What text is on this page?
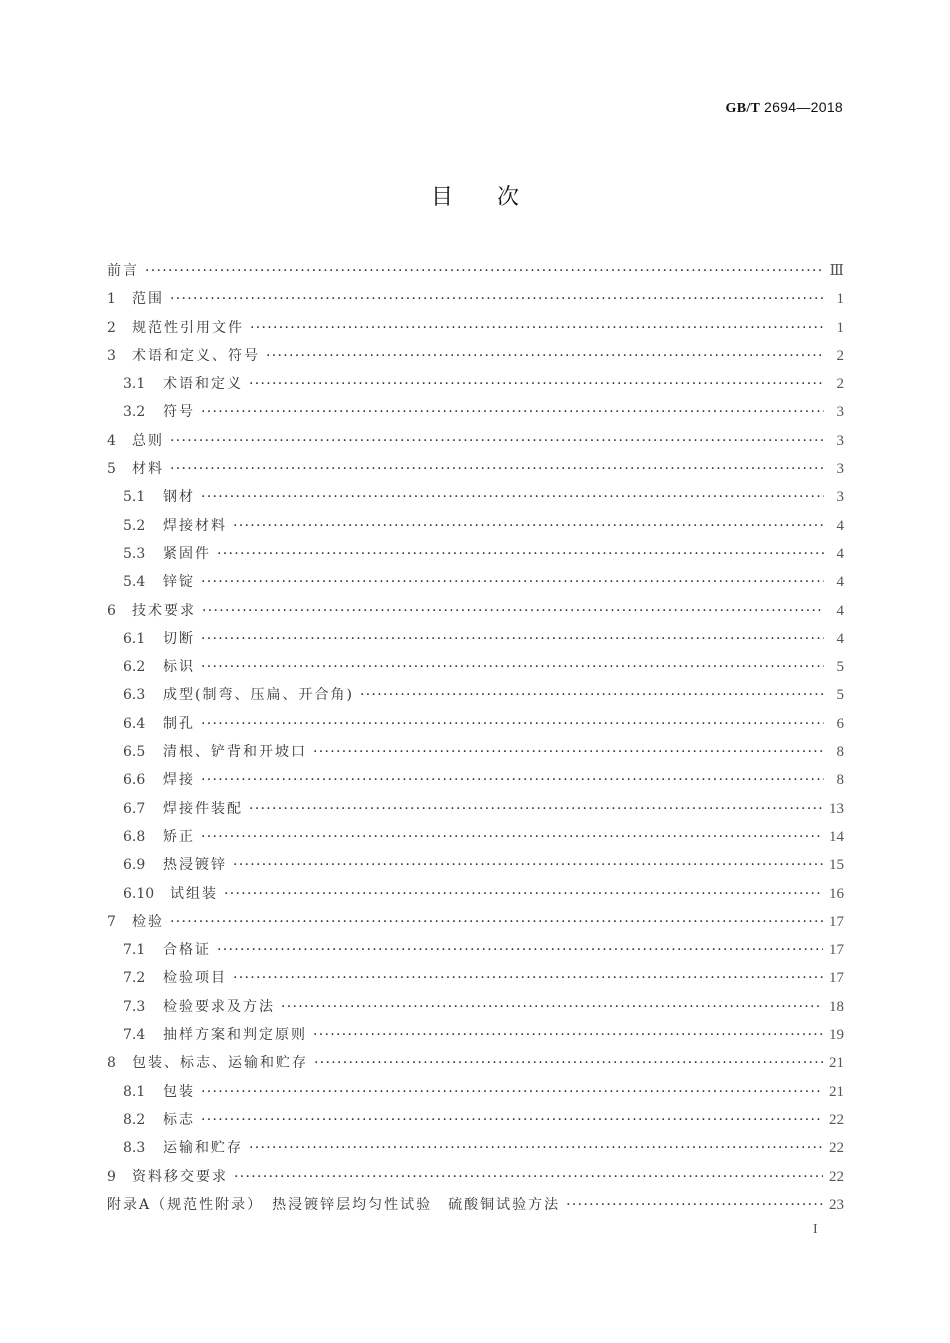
GB/T 2694—2018
目次
前言 ·····	Ⅲ
1	范围 ·····	1
2	规范性引用文件 ·····	1
3	术语和定义、符号 ·····	2
3.1	术语和定义 ·····	2
3.2	符号 ·····	3
4	总则 ·····	3
5	材料 ·····	3
5.1	钢材 ·····	3
5.2	焊接材料 ·····	4
5.3	紧固件 ·····	4
5.4	锌锭 ·····	4
6	技术要求 ·····	4
6.1	切断 ·····	4
6.2	标识 ·····	5
6.3	成型(制弯、压扁、开合角) ·····	5
6.4	制孔 ·····	6
6.5	清根、铲背和开坡口 ·····	8
6.6	焊接 ·····	8
6.7	焊接件装配 ·····	13
6.8	矫正 ·····	14
6.9	热浸镀锌 ·····	15
6.10	试组装 ·····	16
7	检验 ·····	17
7.1	合格证 ·····	17
7.2	检验项目 ·····	17
7.3	检验要求及方法 ·····	18
7.4	抽样方案和判定原则 ·····	19
8	包装、标志、运输和贮存 ·····	21
8.1	包装 ·····	21
8.2	标志 ·····	22
8.3	运输和贮存 ·····	22
9	资料移交要求 ·····	22
附录A（规范性附录）　热浸镀锌层均匀性试验　硫酸铜试验方法 ·····	23
I
